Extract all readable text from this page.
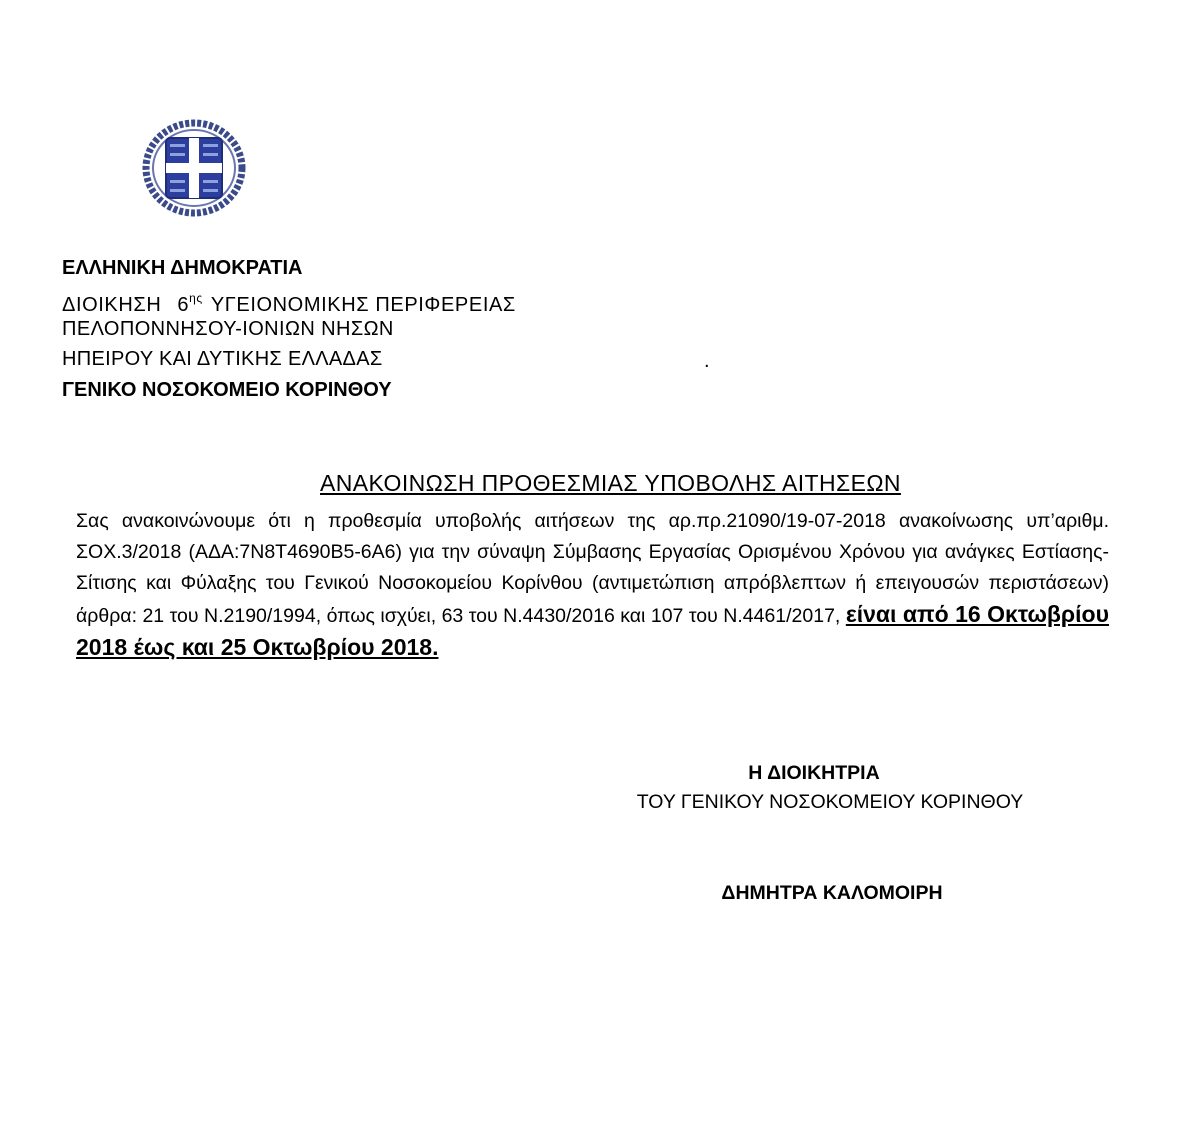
ΕΛΛΗΝΙΚΗ ΔΗΜΟΚΡΑΤΙΑ
ΔΙΟΙΚΗΣΗ $6^{\eta\varsigma}$ ΥΓΕΙΟΝΟΜΙΚΗΣ ΠΕΡΙΦΕΡΕΙΑΣ
ΠΕΛΟΠΟΝΝΗΣΟΥ-ΙΟΝΙΩΝ ΝΗΣΩΝ
ΗΠΕΙΡΟΥ ΚΑΙ ΔΥΤΙΚΗΣ ΕΛΛΑΔΑΣ
ΓΕΝΙΚΟ ΝΟΣΟΚΟΜΕΙΟ ΚΟΡΙΝΘΟΥ
.
ΑΝΑΚΟΙΝΩΣΗ ΠΡΟΘΕΣΜΙΑΣ ΥΠΟΒΟΛΗΣ ΑΙΤΗΣΕΩΝ
Σας ανακοινώνουμε ότι η προθεσμία υποβολής αιτήσεων της αρ.πρ.21090/19-07-2018 ανακοίνωσης υπ’αριθμ. ΣΟΧ.3/2018 (ΑΔΑ:7Ν8Τ4690Β5-6Α6) για την σύναψη Σύμβασης Εργασίας Ορισμένου Χρόνου για ανάγκες Εστίασης-Σίτισης και Φύλαξης του Γενικού Νοσοκομείου Κορίνθου (αντιμετώπιση απρόβλεπτων ή επειγουσών περιστάσεων) άρθρα: 21 του Ν.2190/1994, όπως ισχύει, 63 του Ν.4430/2016 και 107 του Ν.4461/2017, είναι από 16 Οκτωβρίου 2018 έως και 25 Οκτωβρίου 2018.
Η ΔΙΟΙΚΗΤΡΙΑ
ΤΟΥ ΓΕΝΙΚΟΥ ΝΟΣΟΚΟΜΕΙΟΥ ΚΟΡΙΝΘΟΥ
ΔΗΜΗΤΡΑ ΚΑΛΟΜΟΙΡΗ
